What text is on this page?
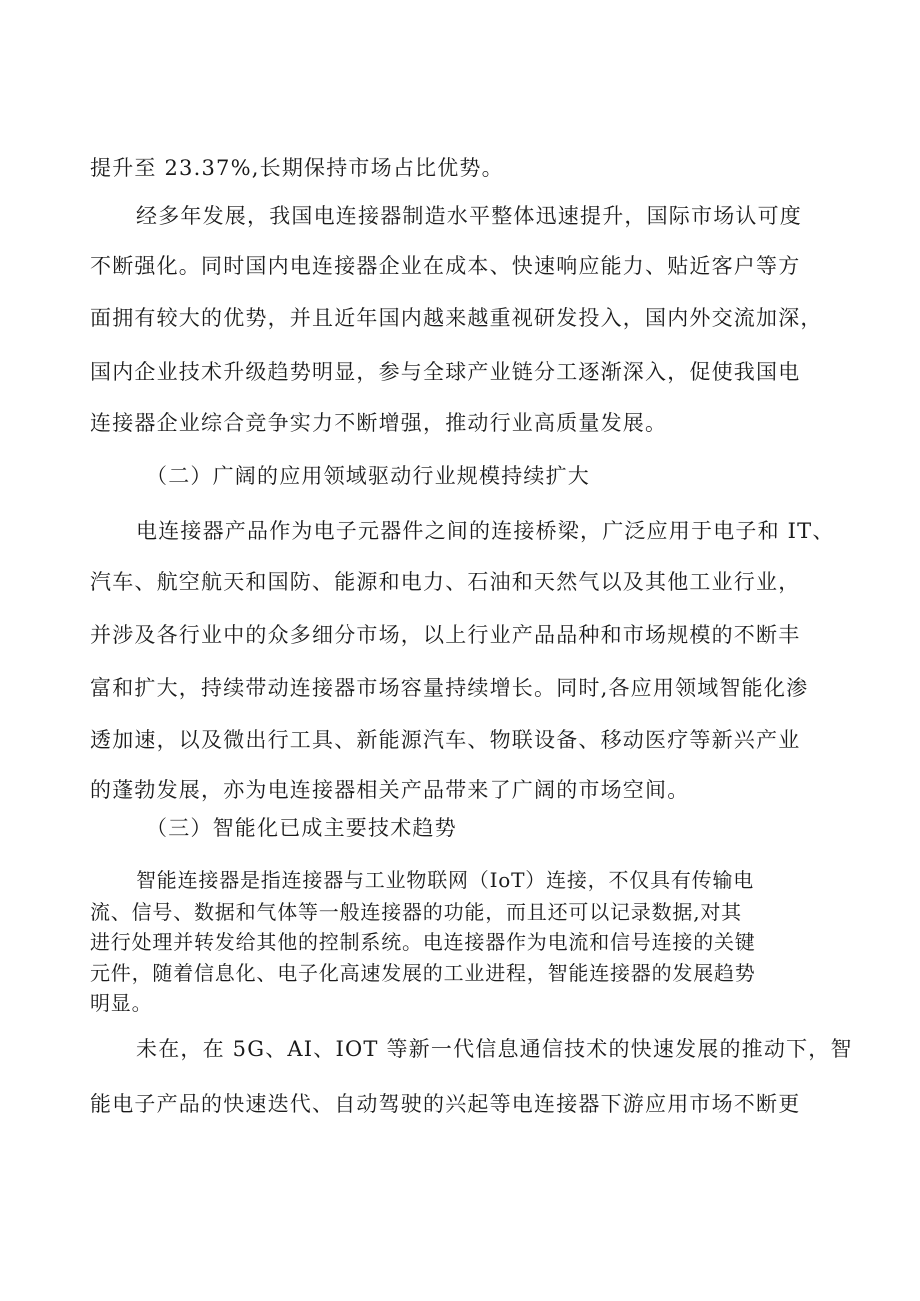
提升至 23.37%,长期保持市场占比优势。
经多年发展，我国电连接器制造水平整体迅速提升，国际市场认可度
不断强化。同时国内电连接器企业在成本、快速响应能力、贴近客户等方
面拥有较大的优势，并且近年国内越来越重视研发投入，国内外交流加深，
国内企业技术升级趋势明显，参与全球产业链分工逐渐深入，促使我国电
连接器企业综合竞争实力不断增强，推动行业高质量发展。
（二）广阔的应用领域驱动行业规模持续扩大
电连接器产品作为电子元器件之间的连接桥梁，广泛应用于电子和 IT、
汽车、航空航天和国防、能源和电力、石油和天然气以及其他工业行业，
并涉及各行业中的众多细分市场，以上行业产品品种和市场规模的不断丰
富和扩大，持续带动连接器市场容量持续增长。同时,各应用领域智能化渗
透加速，以及微出行工具、新能源汽车、物联设备、移动医疗等新兴产业
的蓬勃发展，亦为电连接器相关产品带来了广阔的市场空间。
（三）智能化已成主要技术趋势
智能连接器是指连接器与工业物联网（IoT）连接，不仅具有传输电
流、信号、数据和气体等一般连接器的功能，而且还可以记录数据,对其
进行处理并转发给其他的控制系统。电连接器作为电流和信号连接的关键
元件，随着信息化、电子化高速发展的工业进程，智能连接器的发展趋势
明显。
未在，在 5G、AI、IOT 等新一代信息通信技术的快速发展的推动下，智
能电子产品的快速迭代、自动驾驶的兴起等电连接器下游应用市场不断更
